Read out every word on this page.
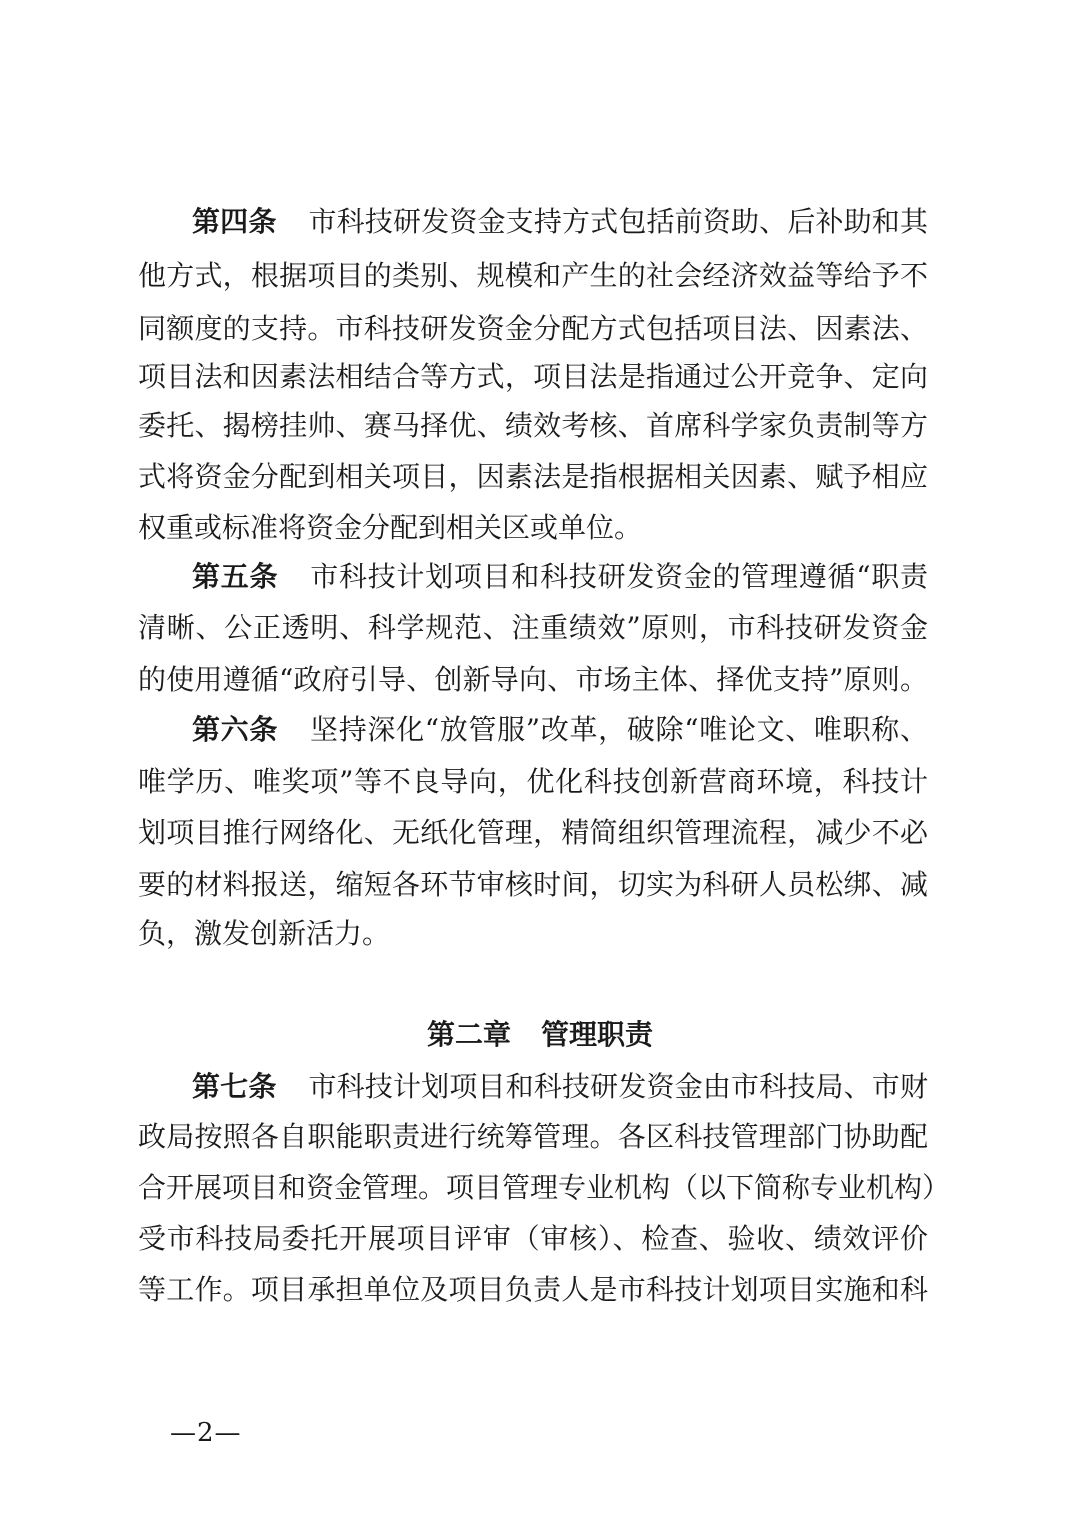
第四条 市科技研发资金支持方式包括前资助、后补助和其
他方式，根据项目的类别、规模和产生的社会经济效益等给予不
同额度的支持。市科技研发资金分配方式包括项目法、因素法、
项目法和因素法相结合等方式，项目法是指通过公开竞争、定向
委托、揭榜挂帅、赛马择优、绩效考核、首席科学家负责制等方
式将资金分配到相关项目，因素法是指根据相关因素、赋予相应
权重或标准将资金分配到相关区或单位。
第五条 市科技计划项目和科技研发资金的管理遵循“职责
清晰、公正透明、科学规范、注重绩效”原则，市科技研发资金
的使用遵循“政府引导、创新导向、市场主体、择优支持”原则。
第六条 坚持深化“放管服”改革，破除“唯论文、唯职称、
唯学历、唯奖项”等不良导向，优化科技创新营商环境，科技计
划项目推行网络化、无纸化管理，精简组织管理流程，减少不必
要的材料报送，缩短各环节审核时间，切实为科研人员松绑、减
负，激发创新活力。
第二章 管理职责
第七条 市科技计划项目和科技研发资金由市科技局、市财
政局按照各自职能职责进行统筹管理。各区科技管理部门协助配
合开展项目和资金管理。项目管理专业机构（以下简称专业机构）
受市科技局委托开展项目评审（审核）、检查、验收、绩效评价
等工作。项目承担单位及项目负责人是市科技计划项目实施和科
—2—
